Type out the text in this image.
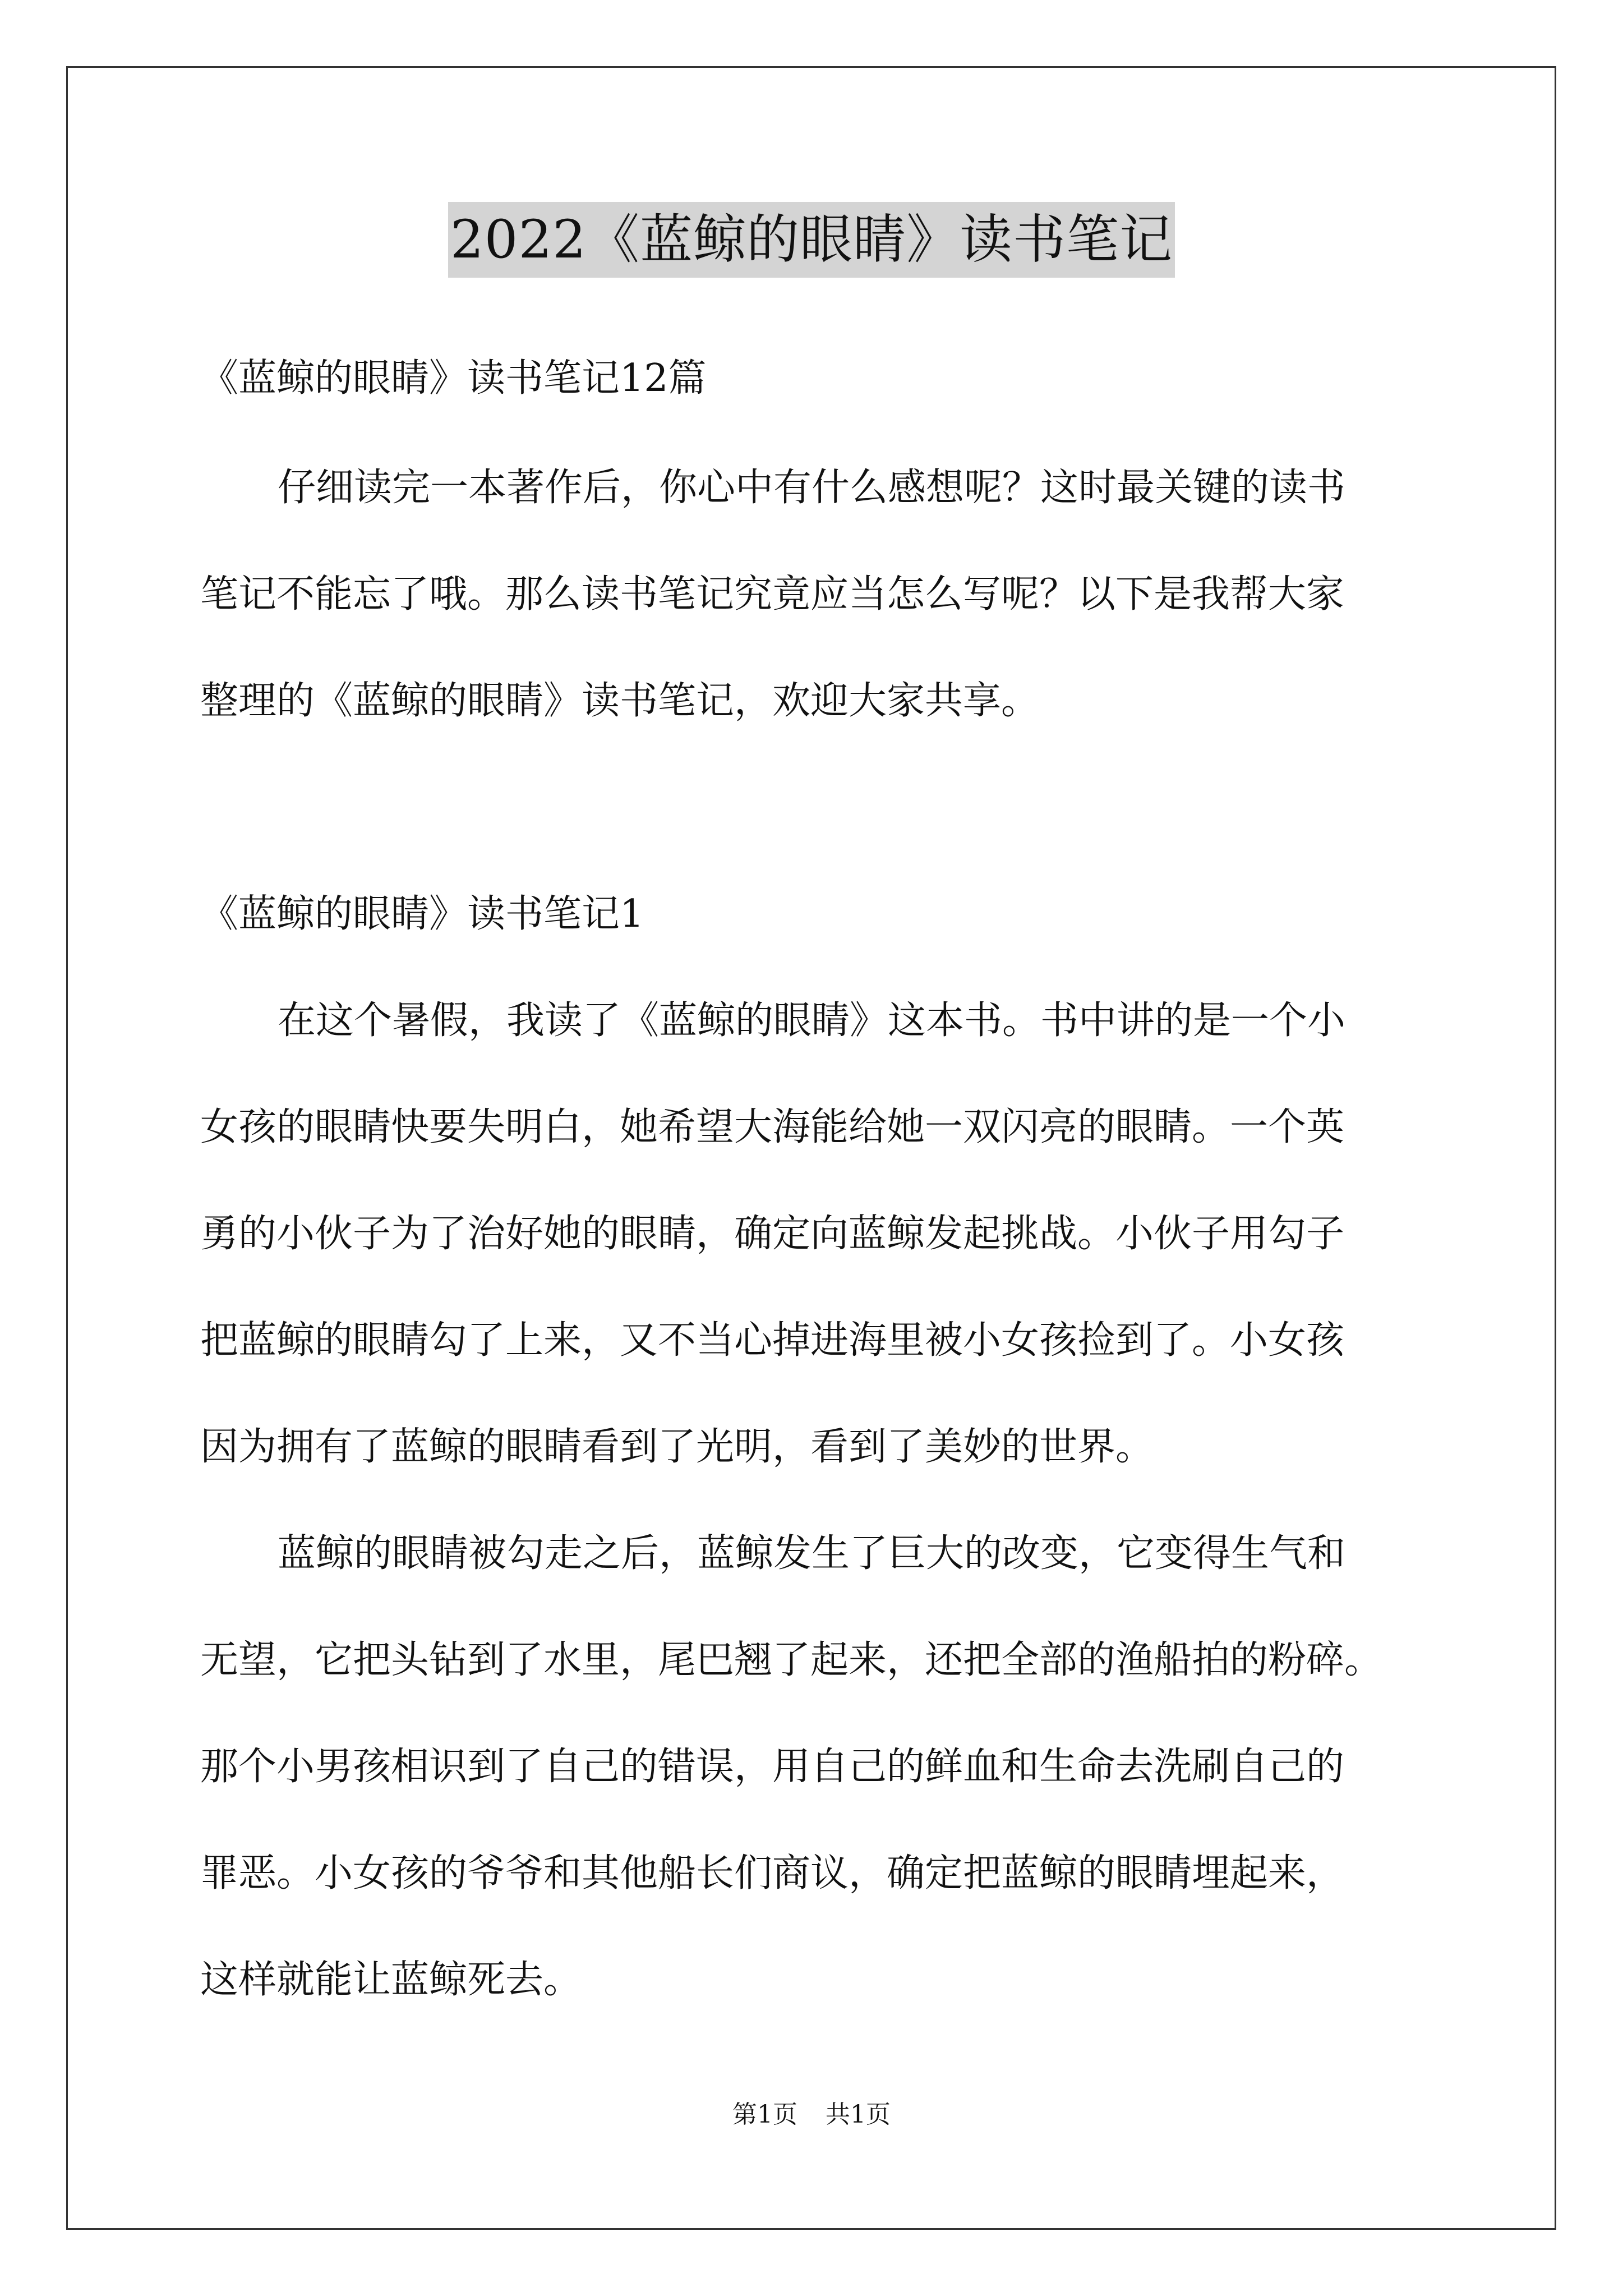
2022《蓝鲸的眼睛》读书笔记

《蓝鲸的眼睛》读书笔记12篇

仔细读完一本著作后，你心中有什么感想呢？这时最关键的读书

笔记不能忘了哦。那么读书笔记究竟应当怎么写呢？以下是我帮大家

整理的《蓝鲸的眼睛》读书笔记，欢迎大家共享。

《蓝鲸的眼睛》读书笔记1

在这个暑假，我读了《蓝鲸的眼睛》这本书。书中讲的是一个小

女孩的眼睛快要失明白，她希望大海能给她一双闪亮的眼睛。一个英

勇的小伙子为了治好她的眼睛，确定向蓝鲸发起挑战。小伙子用勾子

把蓝鲸的眼睛勾了上来，又不当心掉进海里被小女孩捡到了。小女孩

因为拥有了蓝鲸的眼睛看到了光明，看到了美妙的世界。

蓝鲸的眼睛被勾走之后，蓝鲸发生了巨大的改变，它变得生气和

无望，它把头钻到了水里，尾巴翘了起来，还把全部的渔船拍的粉碎。

那个小男孩相识到了自己的错误，用自己的鲜血和生命去洗刷自己的

罪恶。小女孩的爷爷和其他船长们商议，确定把蓝鲸的眼睛埋起来，

这样就能让蓝鲸死去。

第1页 共1页
